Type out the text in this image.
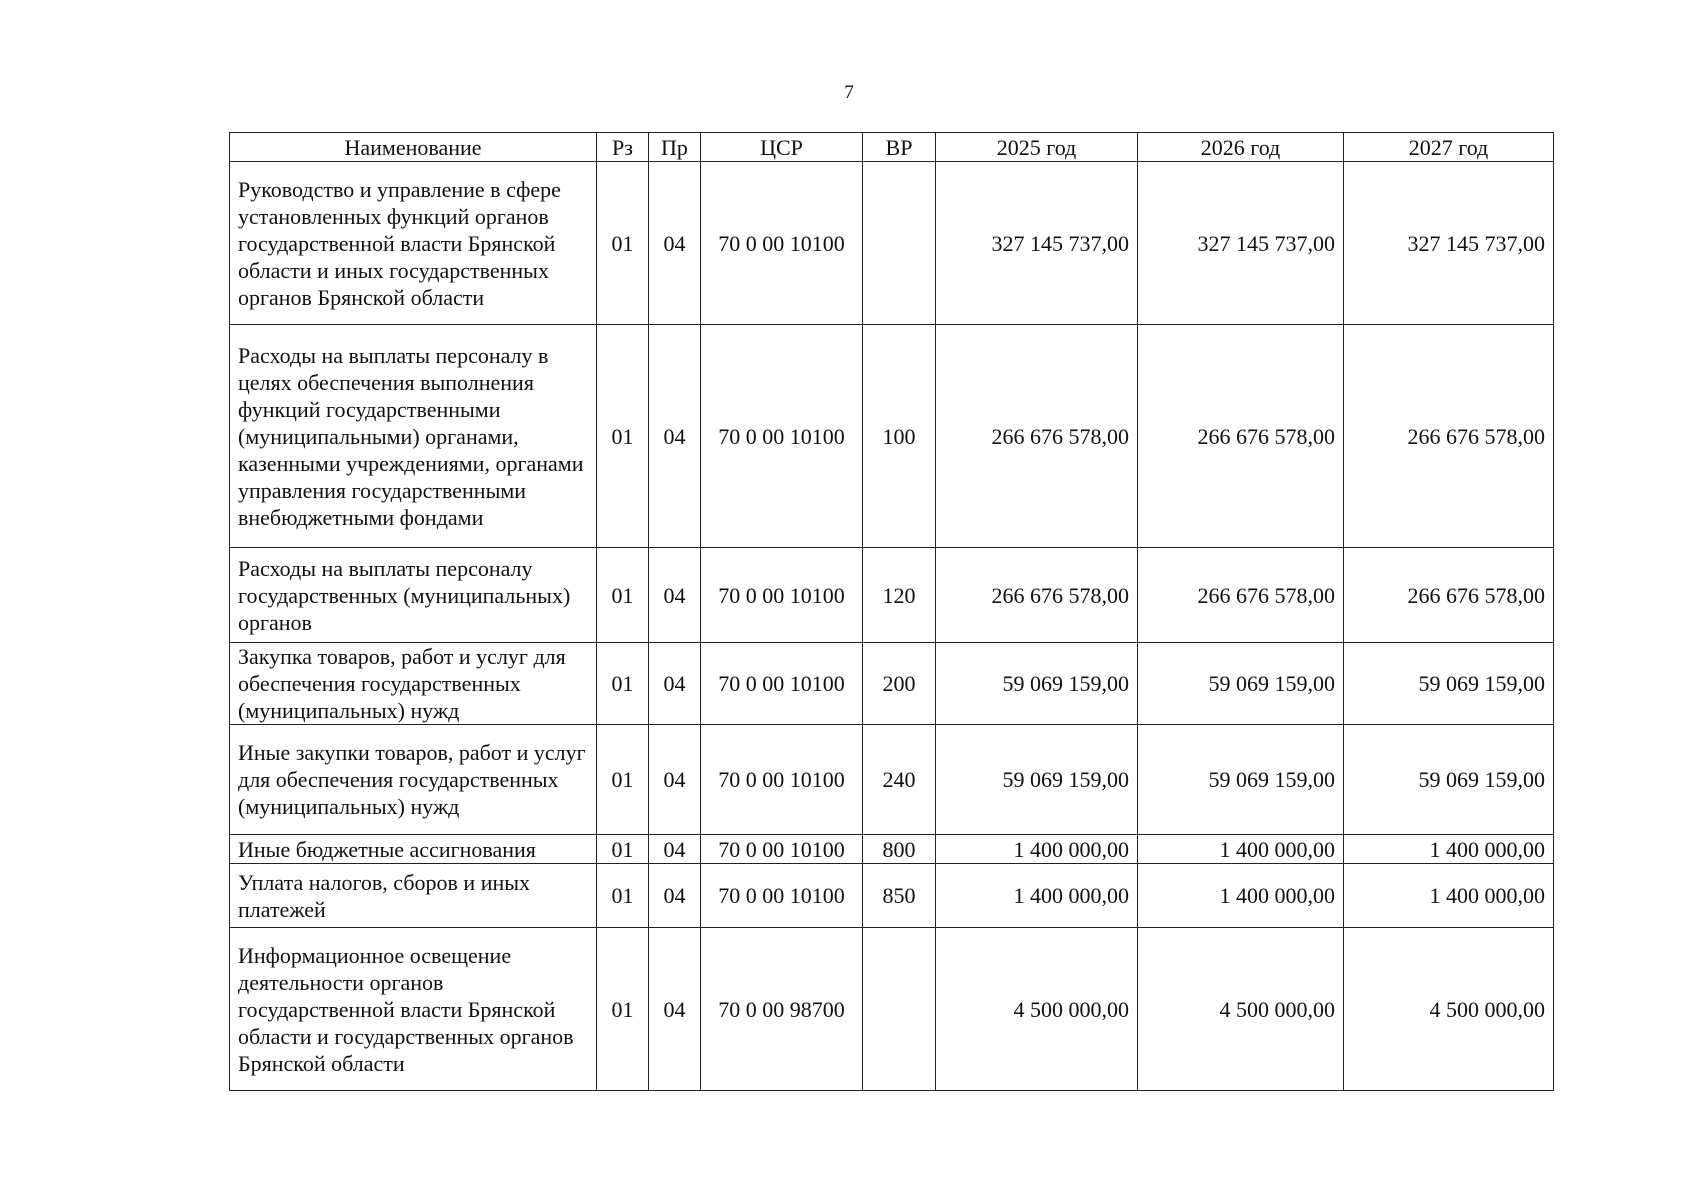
7
Наименование	Рз	Пр	ЦСР	ВР	2025 год	2026 год	2027 год
Руководство и управление в сфере установленных функций органов государственной власти Брянской области и иных государственных органов Брянской области	01	04	70 0 00 10100		327 145 737,00	327 145 737,00	327 145 737,00
Расходы на выплаты персоналу в целях обеспечения выполнения функций государственными (муниципальными) органами, казенными учреждениями, органами управления государственными внебюджетными фондами	01	04	70 0 00 10100	100	266 676 578,00	266 676 578,00	266 676 578,00
Расходы на выплаты персоналу государственных (муниципальных) органов	01	04	70 0 00 10100	120	266 676 578,00	266 676 578,00	266 676 578,00
Закупка товаров, работ и услуг для обеспечения государственных (муниципальных) нужд	01	04	70 0 00 10100	200	59 069 159,00	59 069 159,00	59 069 159,00
Иные закупки товаров, работ и услуг для обеспечения государственных (муниципальных) нужд	01	04	70 0 00 10100	240	59 069 159,00	59 069 159,00	59 069 159,00
Иные бюджетные ассигнования	01	04	70 0 00 10100	800	1 400 000,00	1 400 000,00	1 400 000,00
Уплата налогов, сборов и иных платежей	01	04	70 0 00 10100	850	1 400 000,00	1 400 000,00	1 400 000,00
Информационное освещение деятельности органов государственной власти Брянской области и государственных органов Брянской области	01	04	70 0 00 98700		4 500 000,00	4 500 000,00	4 500 000,00
